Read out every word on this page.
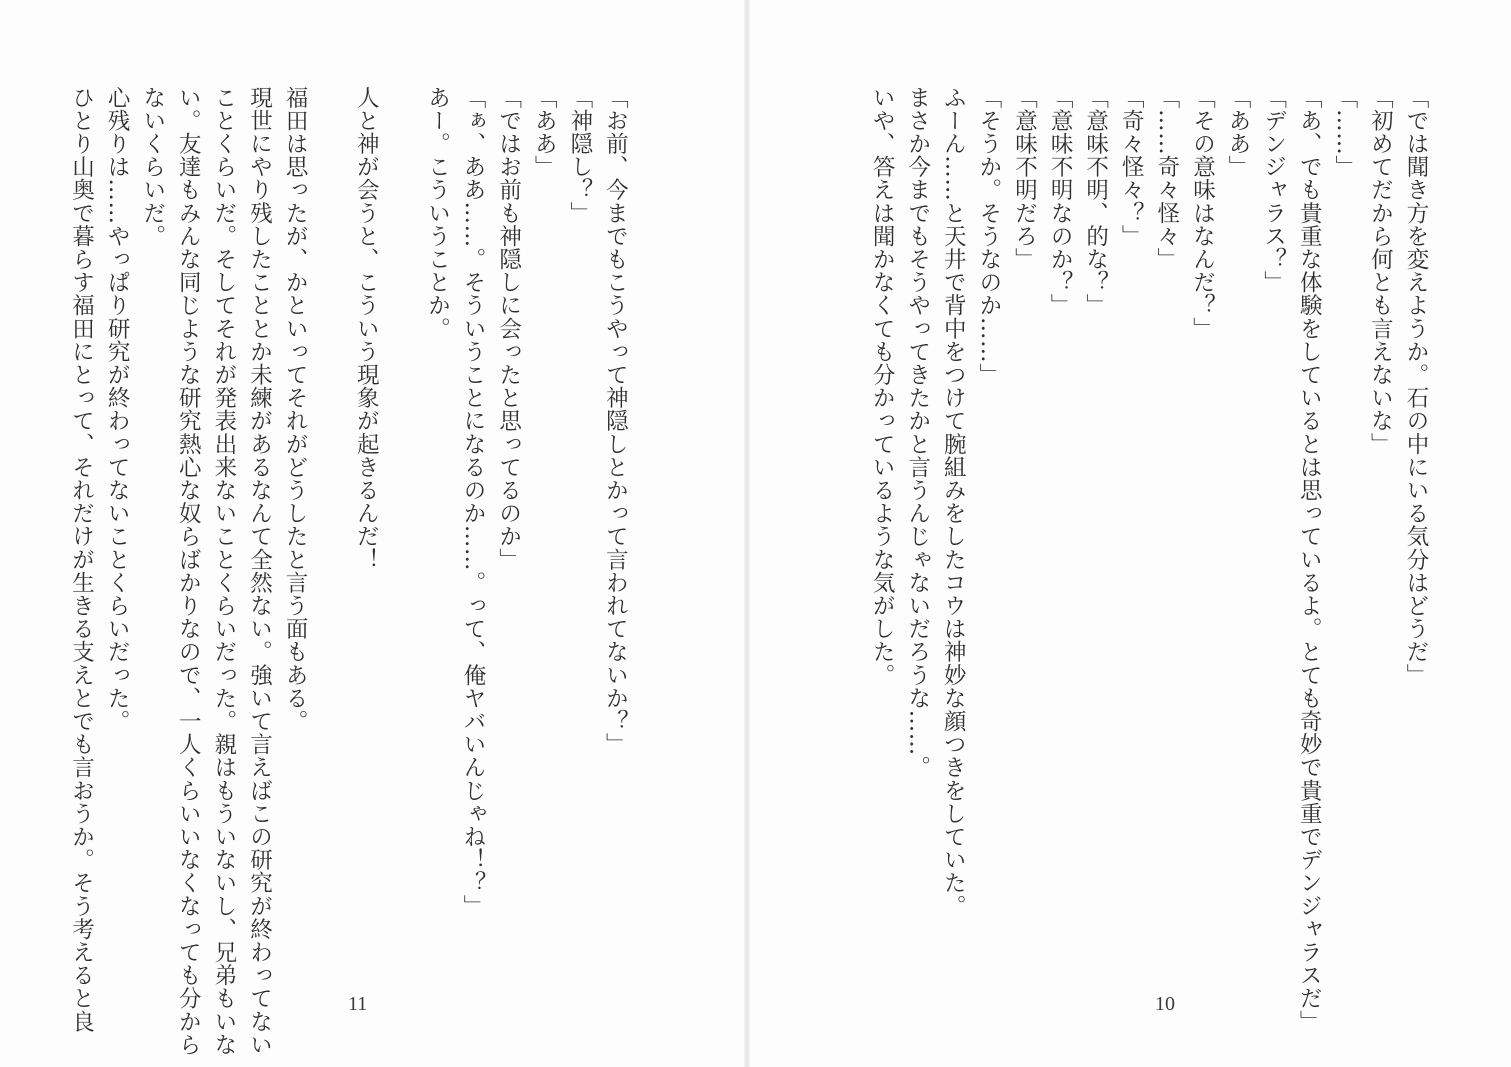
「お前、今までもこうやって神隠しとかって言われてないか？」
「神隠し？」
「ああ」
「ではお前も神隠しに会ったと思ってるのか」
「ぁ、ああ……。そういうことになるのか……。って、俺ヤバいんじゃね！？」
あー。こういうことか。
人と神が会うと、こういう現象が起きるんだ！
福田は思ったが、かといってそれがどうしたと言う面もある。
現世にやり残したこととか未練があるなんて全然ない。強いて言えばこの研究が終わってない
ことくらいだ。そしてそれが発表出来ないことくらいだった。親はもういないし、兄弟もいな
い。友達もみんな同じような研究熱心な奴らばかりなので、一人くらいいなくなっても分から
ないくらいだ。
心残りは……やっぱり研究が終わってないことくらいだった。
ひとり山奥で暮らす福田にとって、それだけが生きる支えとでも言おうか。そう考えると良	11
「では聞き方を変えようか。石の中にいる気分はどうだ」
「初めてだから何とも言えないな」
「……」
「あ、でも貴重な体験をしているとは思っているよ。とても奇妙で貴重でデンジャラスだ」
「デンジャラス？」
「ああ」
「その意味はなんだ？」
「……奇々怪々」
「奇々怪々？」
「意味不明、的な？」
「意味不明なのか？」
「意味不明だろ」
「そうか。そうなのか……」
ふーん……と天井で背中をつけて腕組みをしたコウは神妙な顔つきをしていた。
まさか今までもそうやってきたかと言うんじゃないだろうな……。
いや、答えは聞かなくても分かっているような気がした。
10
